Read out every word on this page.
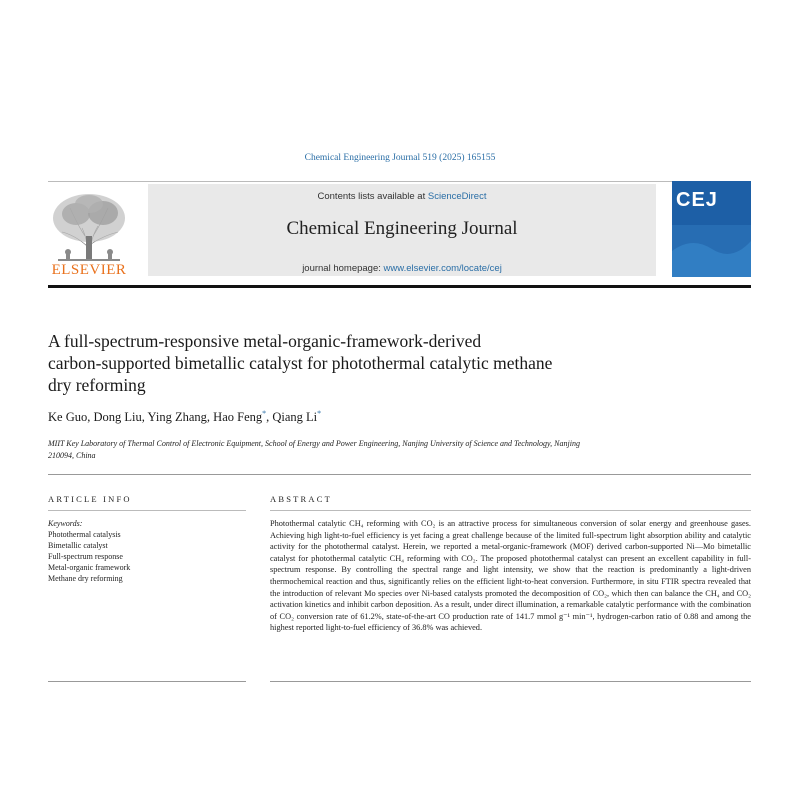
Chemical Engineering Journal 519 (2025) 165155
ELSEVIER
Contents lists available at ScienceDirect
Chemical Engineering Journal
journal homepage: www.elsevier.com/locate/cej
CEJ
A full-spectrum-responsive metal-organic-framework-derived
carbon-supported bimetallic catalyst for photothermal catalytic methane
dry reforming
Ke Guo, Dong Liu, Ying Zhang, Hao Feng*, Qiang Li*
MIIT Key Laboratory of Thermal Control of Electronic Equipment, School of Energy and Power Engineering, Nanjing University of Science and Technology, Nanjing
210094, China
ARTICLE INFO	ABSTRACT
Keywords:
Photothermal catalysis
Bimetallic catalyst
Full-spectrum response
Metal-organic framework
Methane dry reforming
Photothermal catalytic CH₄ reforming with CO₂ is an attractive process for simultaneous conversion of solar energy and greenhouse gases. Achieving high light-to-fuel efficiency is yet facing a great challenge because of the limited full-spectrum light absorption ability and catalytic activity for the photothermal catalyst. Herein, we reported a metal-organic-framework (MOF) derived carbon-supported Ni—Mo bimetallic catalyst for photothermal catalytic CH₄ reforming with CO₂. The proposed photothermal catalyst can present an excellent capability in full-spectrum response. By controlling the spectral range and light intensity, we show that the reaction is predominantly a light-driven thermochemical reaction and thus, significantly relies on the efficient light-to-heat conversion. Furthermore, in situ FTIR spectra revealed that the introduction of relevant Mo species over Ni-based catalysts promoted the decomposition of CO₂, which then can balance the CH₄ and CO₂ activation kinetics and inhibit carbon deposition. As a result, under direct illumination, a remarkable catalytic performance with the combination of CO₂ conversion rate of 61.2%, state-of-the-art CO production rate of 141.7 mmol g⁻¹ min⁻¹, hydrogen-carbon ratio of 0.88 and among the highest reported light-to-fuel efficiency of 36.8% was achieved.
